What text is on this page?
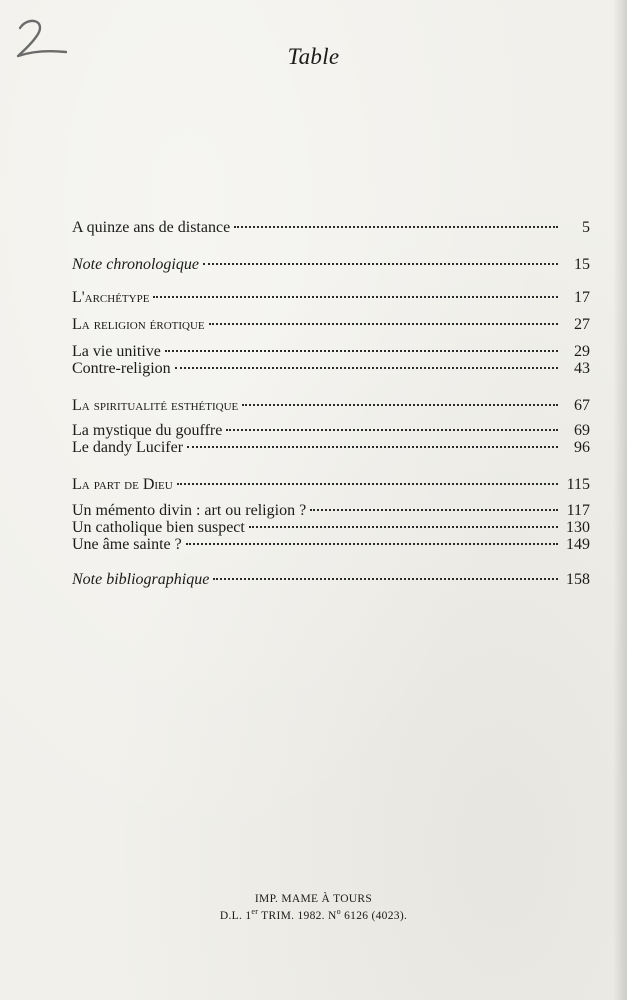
Table
A quinze ans de distance	5
Note chronologique	15
L'archétype	17
La religion érotique	27
La vie unitive	29
Contre-religion	43
La spiritualité esthétique	67
La mystique du gouffre	69
Le dandy Lucifer	96
La part de Dieu	115
Un mémento divin : art ou religion ?	117
Un catholique bien suspect	130
Une âme sainte ?	149
Note bibliographique	158
IMP. MAME À TOURS
D.L. 1er TRIM. 1982. $N^o$ 6126 (4023).
